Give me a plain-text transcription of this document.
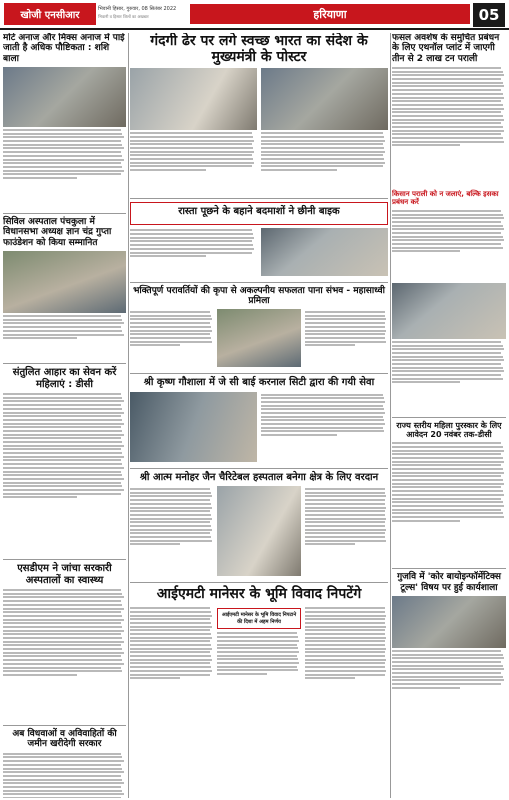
खोजी एनसीआर
भिवानी हिसार, गुरुवार, 08 सितंबर 2022
भिवानी व हिसार जिलों का अखबार	हरियाणा	05
मोटे अनाज और मिक्स अनाज में पाई जाती है अधिक पौष्टिकता : शशि बाला
सिविल अस्पताल पंचकुला में विधानसभा अध्यक्ष ज्ञान चंद्र गुप्ता फाउंडेशन को किया सम्मानित
संतुलित आहार का सेवन करें महिलाएं : डीसी
एसडीएम ने जांचा सरकारी अस्पतालों का स्वास्थ्य
अब विधवाओं व अविवाहितों की जमीन खरीदेगी सरकार
गंदगी ढेर पर लगे स्वच्छ भारत का संदेश के मुख्यमंत्री के पोस्टर
रास्ता पूछने के बहाने बदमाशों ने छीनी बाइक
भक्तिपूर्ण परावर्तियों की कृपा से अकल्पनीय सफलता पाना संभव - महासाध्वी प्रमिला
श्री कृष्ण गौशाला में जे सी बाई करनाल सिटी द्वारा की गयी सेवा
श्री आत्म मनोहर जैन चैरिटेबल हस्पताल बनेगा क्षेत्र के लिए वरदान
आईएमटी मानेसर के भूमि विवाद निपटेंगे
आईएमटी मानेसर के भूमि विवाद निपटाने की दिशा में अहम निर्णय
फसल अवशेष के समुचित प्रबंधन के लिए एथनॉल प्लांट में जाएगी तीन से 2 लाख टन पराली
किसान पराली को न जलाएं, बल्कि इसका प्रबंधन करें
राज्य स्तरीय महिला पुरस्कार के लिए आवेदन 20 नवंबर तक-डीसी
गुजवि में 'कोर बायोइन्फॉर्मेटिक्स टूल्स' विषय पर हुई कार्यशाला
